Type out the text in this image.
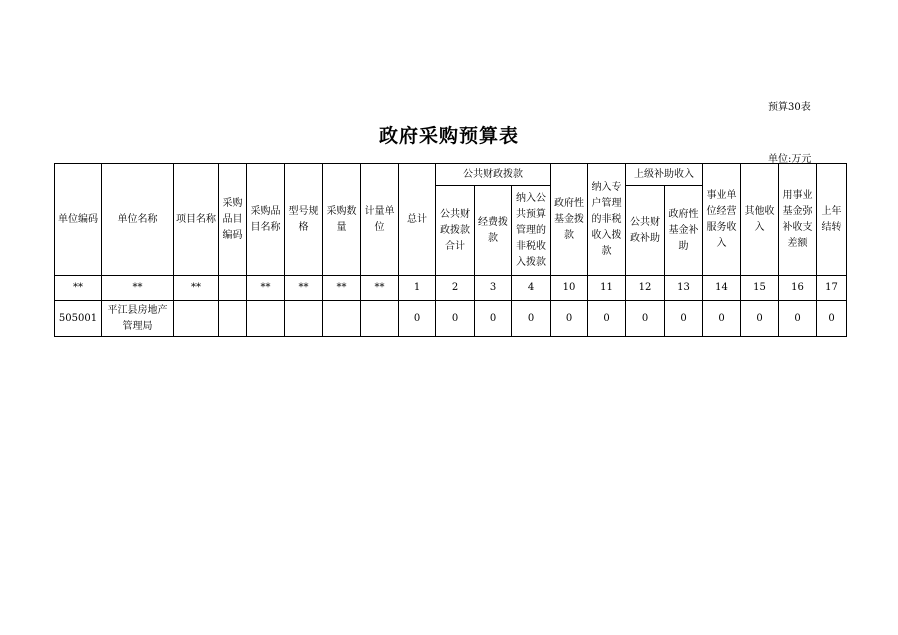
预算30表
政府采购预算表
单位:万元
单位编码	单位名称	项目名称	采购品目编码	采购品目名称	型号规格	采购数量	计量单位	总计	公共财政拨款			政府性基金拨款	纳入专户管理的非税收入拨款	上级补助收入		事业单位经营服务收入	其他收入	用事业基金弥补收支差额	上年结转
									公共财政拨款合计	经费拨款	纳入公共预算管理的非税收入拨款			公共财政补助	政府性基金补助				
**	**	**		**	**	**	**	1	2	3	4	10	11	12	13	14	15	16	17
505001	平江县房地产管理局							0	0	0	0	0	0	0	0	0	0	0	0
